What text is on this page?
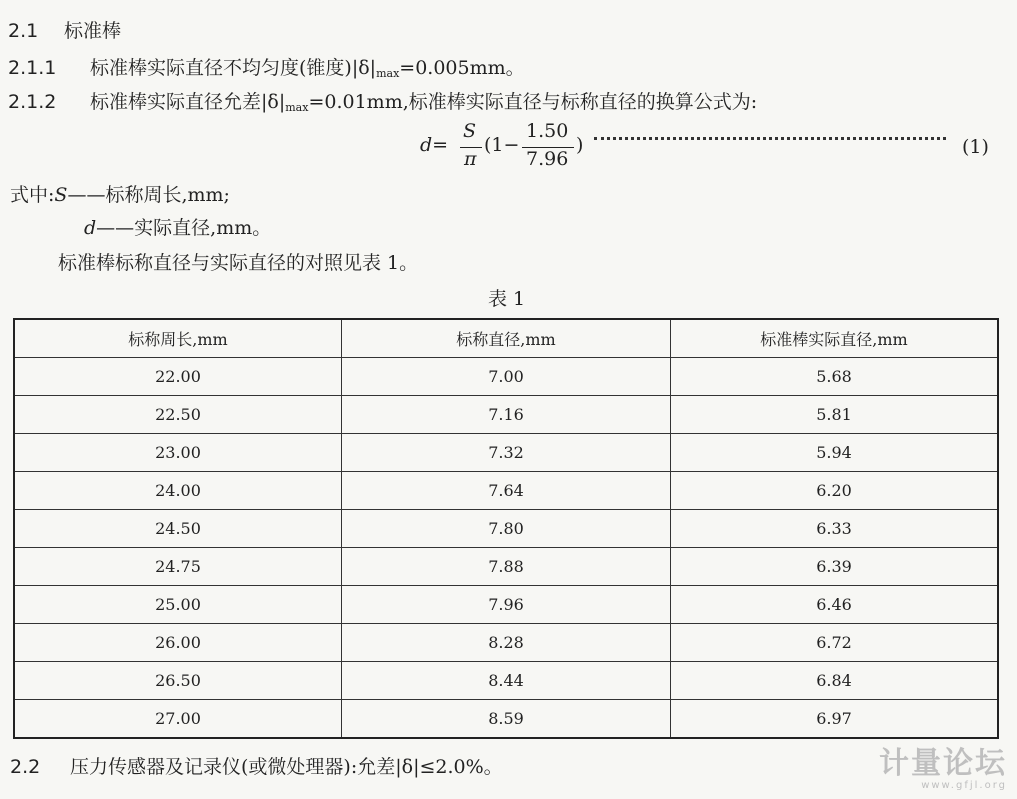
2.1 标准棒
2.1.1 标准棒实际直径不均匀度(锥度)$|\delta|_{max}=0.005mm$。
2.1.2 标准棒实际直径允差$|\delta|_{max}=0.01mm$,标准棒实际直径与标称直径的换算公式为:
d=
S
π
(1−
1.50
7.96
)	(1)
式中:S——标称周长,mm;
d——实际直径,mm。
标准棒标称直径与实际直径的对照见表 1。
表 1
标称周长,mm	标称直径,mm	标准棒实际直径,mm
22.00	7.00	5.68
22.50	7.16	5.81
23.00	7.32	5.94
24.00	7.64	6.20
24.50	7.80	6.33
24.75	7.88	6.39
25.00	7.96	6.46
26.00	8.28	6.72
26.50	8.44	6.84
27.00	8.59	6.97
2.2 压力传感器及记录仪(或微处理器):允差|δ|≤2.0%。	计量论坛
www.gfjl.org
